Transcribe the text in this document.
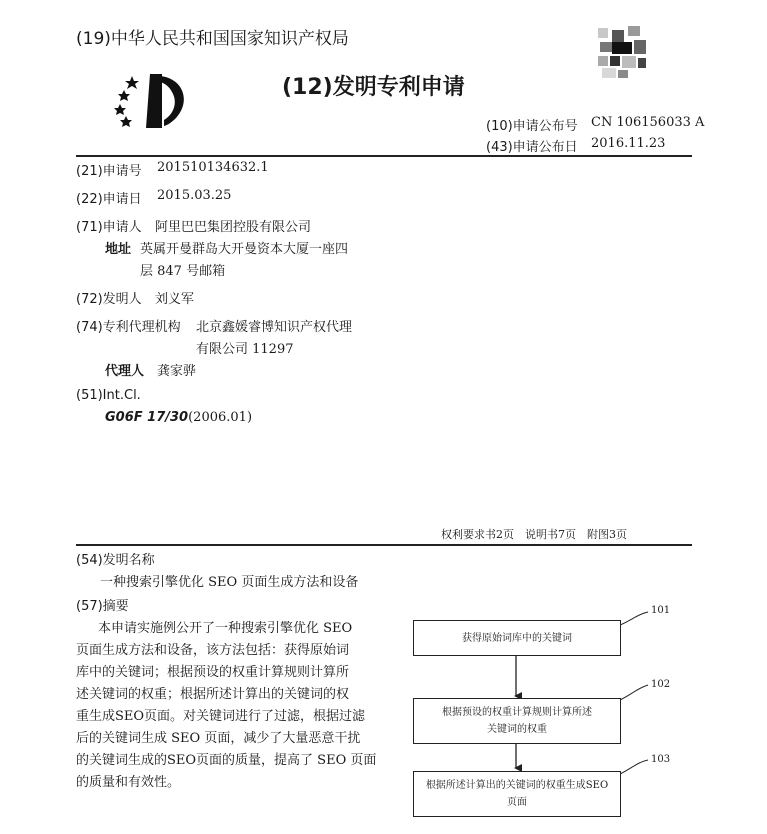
(19)中华人民共和国国家知识产权局
(12)发明专利申请
(10)申请公布号 CN 106156033 A
(43)申请公布日 2016.11.23
(21)申请号 201510134632.1
(22)申请日 2015.03.25
(71)申请人 阿里巴巴集团控股有限公司
地址 英属开曼群岛大开曼资本大厦一座四
层 847 号邮箱
(72)发明人 刘义军
(74)专利代理机构 北京鑫媛睿博知识产权代理
有限公司 11297
代理人 龚家骅
(51)Int.Cl.
G06F 17/30(2006.01)
权利要求书2页　说明书7页　附图3页
(54)发明名称
一种搜索引擎优化 SEO 页面生成方法和设备
(57)摘要
本申请实施例公开了一种搜索引擎优化 SEO
页面生成方法和设备，该方法包括：获得原始词
库中的关键词；根据预设的权重计算规则计算所
述关键词的权重；根据所述计算出的关键词的权
重生成SEO页面。对关键词进行了过滤，根据过滤
后的关键词生成 SEO 页面，减少了大量恶意干扰
的关键词生成的SEO页面的质量，提高了 SEO 页面
的质量和有效性。
获得原始词库中的关键词
101
根据预设的权重计算规则计算所述
关键词的权重
102
根据所述计算出的关键词的权重生成SEO
页面
103
